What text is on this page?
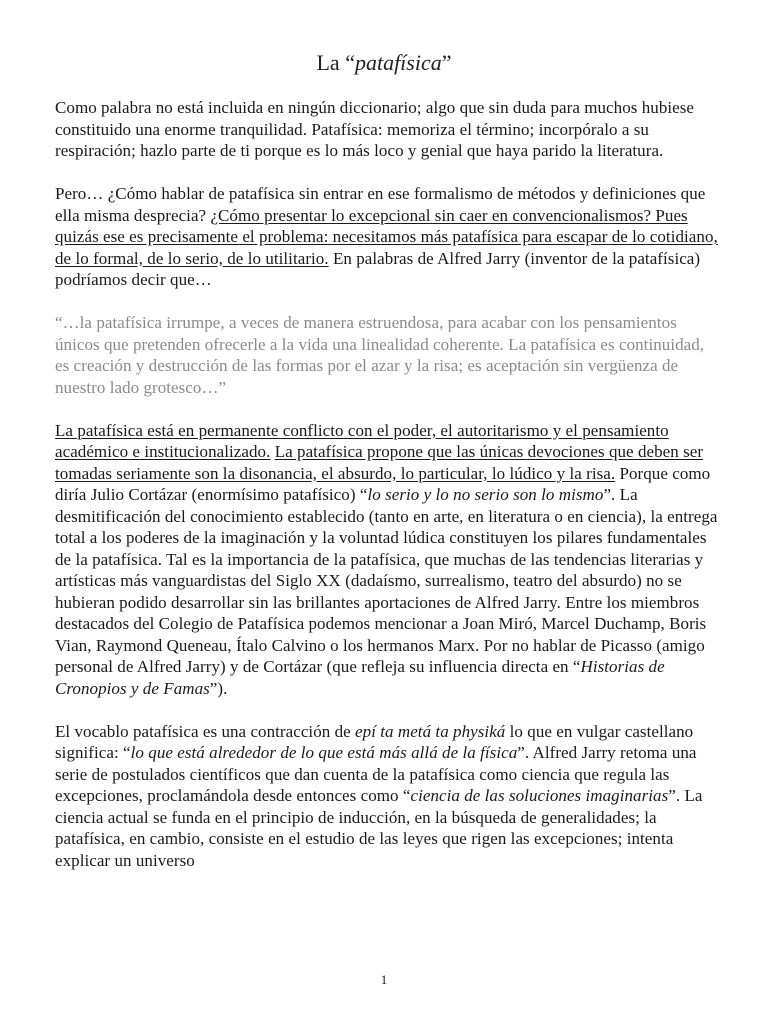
La “patafísica”

Como palabra no está incluida en ningún diccionario; algo que sin duda para muchos hubiese constituido una enorme tranquilidad. Patafísica: memoriza el término; incorpóralo a su respiración; hazlo parte de ti porque es lo más loco y genial que haya parido la literatura.

Pero… ¿Cómo hablar de patafísica sin entrar en ese formalismo de métodos y definiciones que ella misma desprecia? ¿Cómo presentar lo excepcional sin caer en convencionalismos? Pues quizás ese es precisamente el problema: necesitamos más patafísica para escapar de lo cotidiano, de lo formal, de lo serio, de lo utilitario. En palabras de Alfred Jarry (inventor de la patafísica) podríamos decir que…

“…la patafísica irrumpe, a veces de manera estruendosa, para acabar con los pensamientos únicos que pretenden ofrecerle a la vida una linealidad coherente. La patafísica es continuidad, es creación y destrucción de las formas por el azar y la risa; es aceptación sin vergüenza de nuestro lado grotesco…”

La patafísica está en permanente conflicto con el poder, el autoritarismo y el pensamiento académico e institucionalizado. La patafísica propone que las únicas devociones que deben ser tomadas seriamente son la disonancia, el absurdo, lo particular, lo lúdico y la risa. Porque como diría Julio Cortázar (enormísimo patafísico) “lo serio y lo no serio son lo mismo”. La desmitificación del conocimiento establecido (tanto en arte, en literatura o en ciencia), la entrega total a los poderes de la imaginación y la voluntad lúdica constituyen los pilares fundamentales de la patafísica. Tal es la importancia de la patafísica, que muchas de las tendencias literarias y artísticas más vanguardistas del Siglo XX (dadaísmo, surrealismo, teatro del absurdo) no se hubieran podido desarrollar sin las brillantes aportaciones de Alfred Jarry. Entre los miembros destacados del Colegio de Patafísica podemos mencionar a Joan Miró, Marcel Duchamp, Boris Vian, Raymond Queneau, Ítalo Calvino o los hermanos Marx. Por no hablar de Picasso (amigo personal de Alfred Jarry) y de Cortázar (que refleja su influencia directa en “Historias de Cronopios y de Famas”).

El vocablo patafísica es una contracción de epí ta metá ta physiká lo que en vulgar castellano significa: “lo que está alrededor de lo que está más allá de la física”. Alfred Jarry retoma una serie de postulados científicos que dan cuenta de la patafísica como ciencia que regula las excepciones, proclamándola desde entonces como “ciencia de las soluciones imaginarias”. La ciencia actual se funda en el principio de inducción, en la búsqueda de generalidades; la patafísica, en cambio, consiste en el estudio de las leyes que rigen las excepciones; intenta explicar un universo

1
